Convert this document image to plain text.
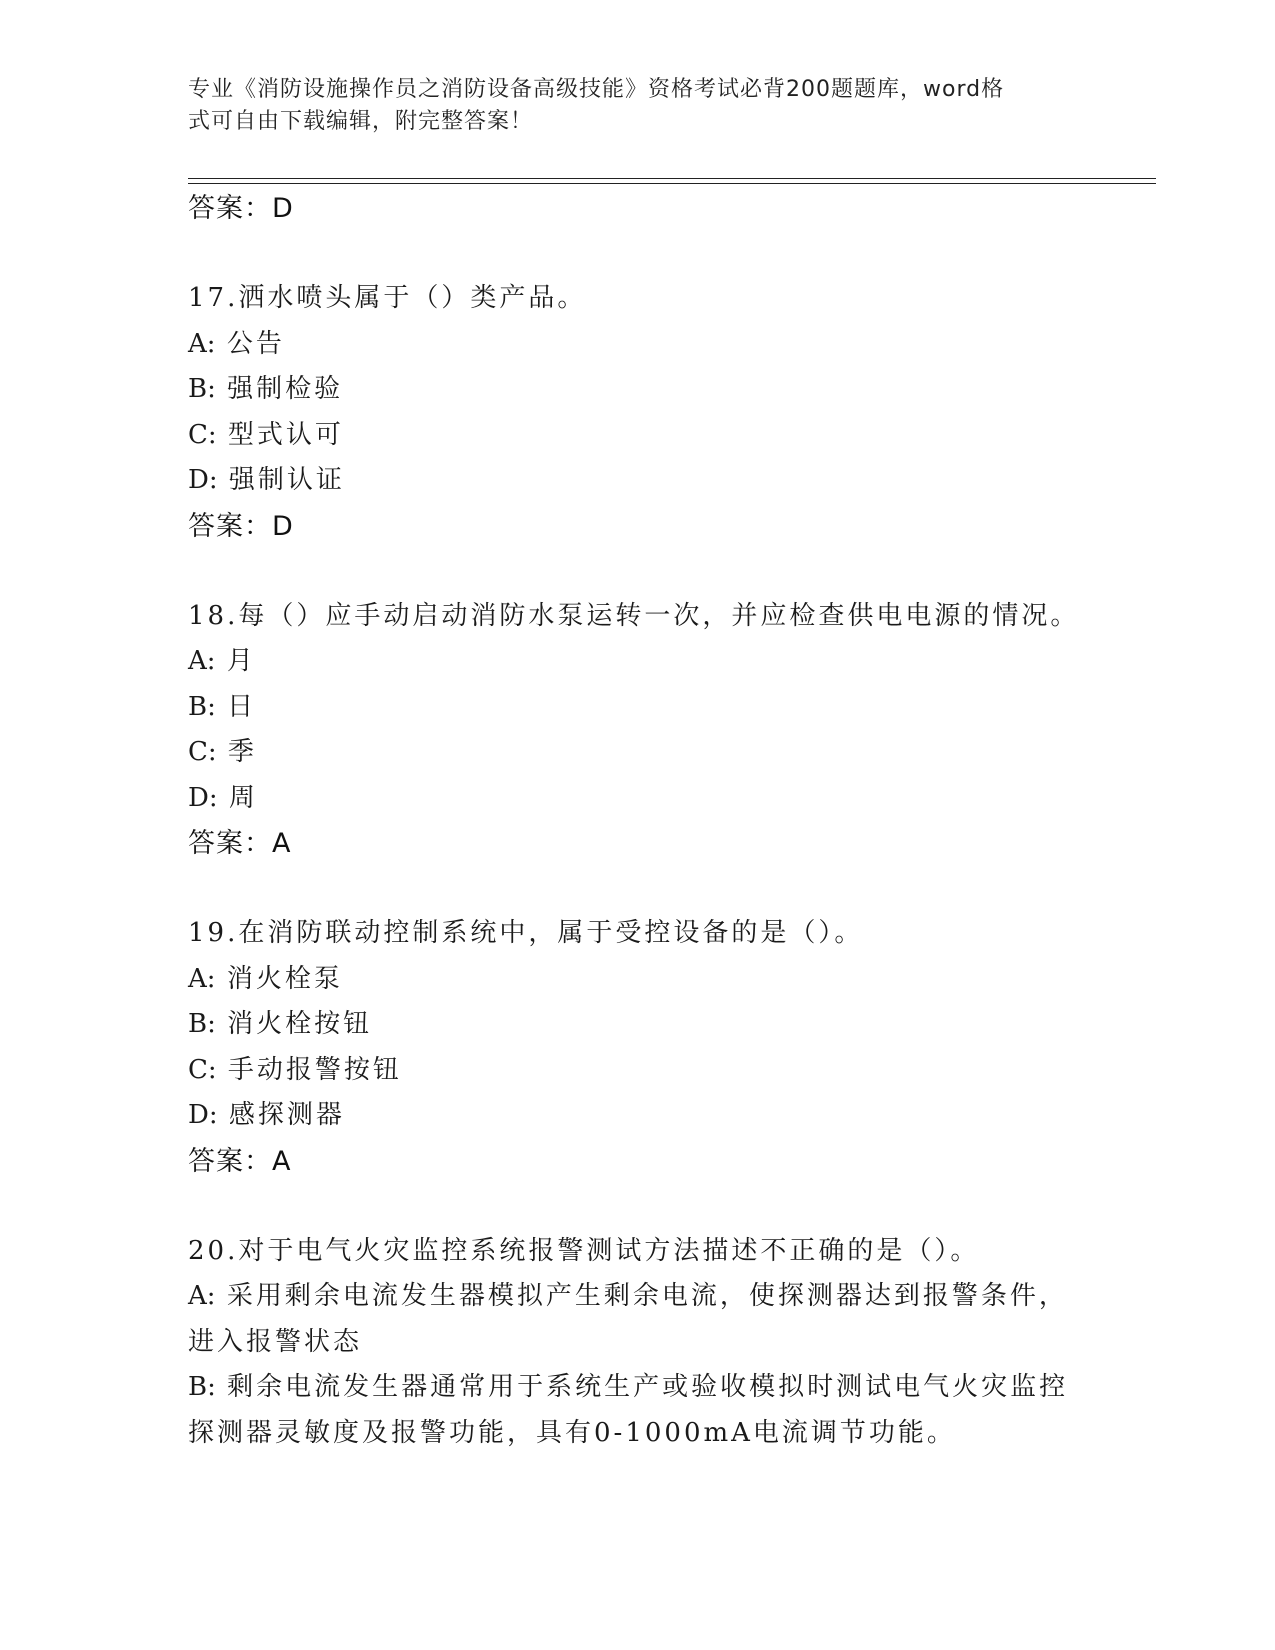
专业《消防设施操作员之消防设备高级技能》资格考试必背200题题库，word格
式可自由下载编辑，附完整答案！
答案：D
17.洒水喷头属于（）类产品。
A: 公告
B: 强制检验
C: 型式认可
D: 强制认证
答案：D
18.每（）应手动启动消防水泵运转一次，并应检查供电电源的情况。
A: 月
B: 日
C: 季
D: 周
答案：A
19.在消防联动控制系统中，属于受控设备的是（）。
A: 消火栓泵
B: 消火栓按钮
C: 手动报警按钮
D: 感探测器
答案：A
20.对于电气火灾监控系统报警测试方法描述不正确的是（）。
A: 采用剩余电流发生器模拟产生剩余电流，使探测器达到报警条件，
进入报警状态
B: 剩余电流发生器通常用于系统生产或验收模拟时测试电气火灾监控
探测器灵敏度及报警功能，具有0-1000mA电流调节功能。
